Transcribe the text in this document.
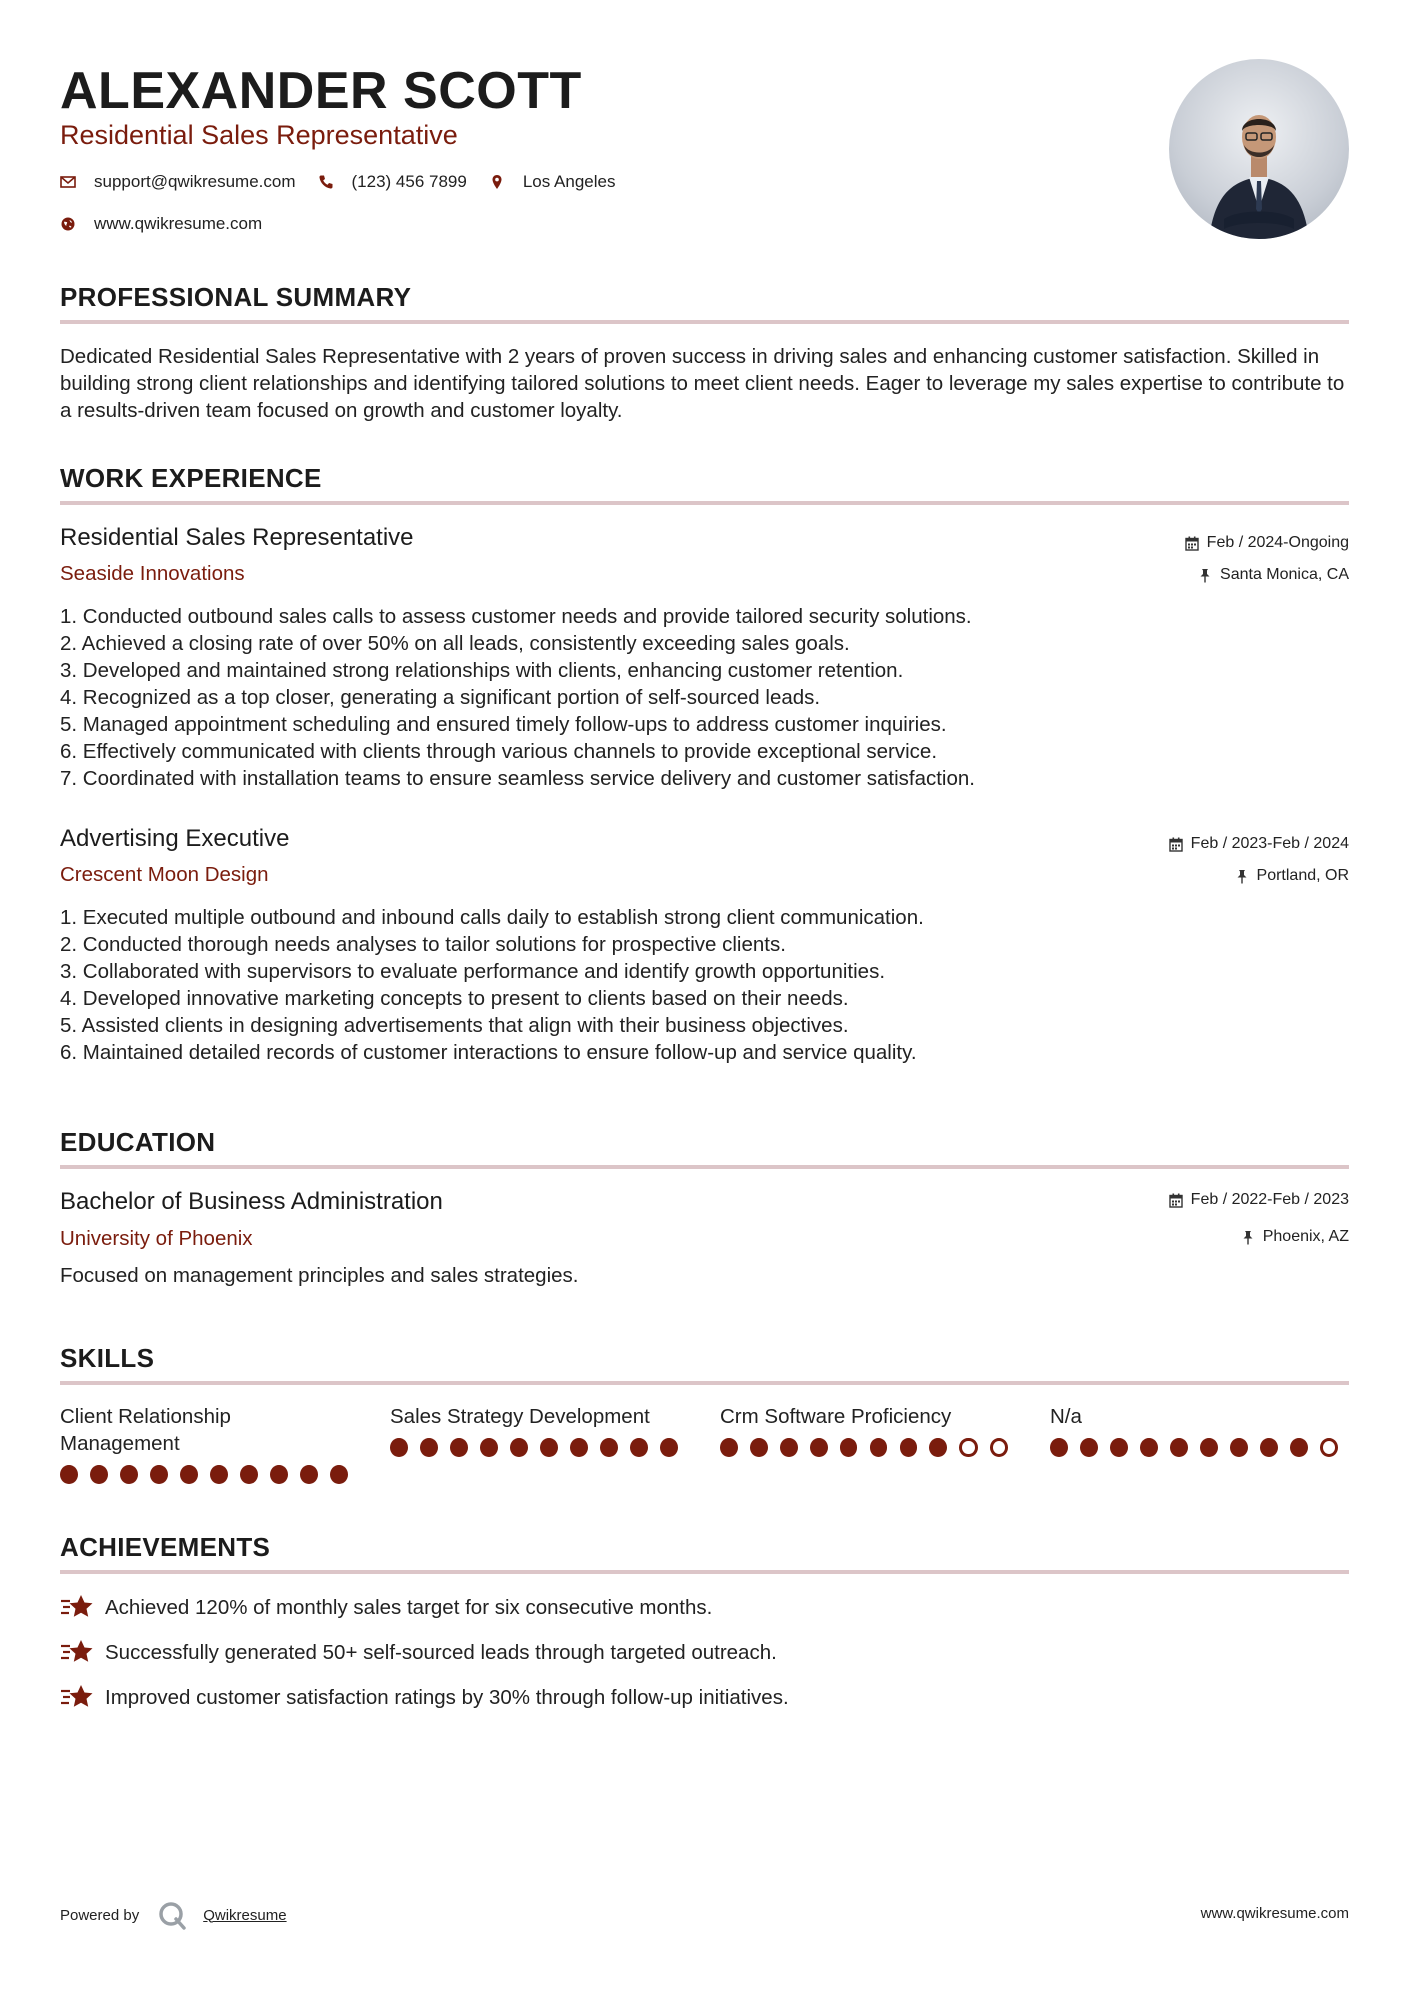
ALEXANDER SCOTT
Residential Sales Representative
support@qwikresume.com	(123) 456 7899	Los Angeles
www.qwikresume.com
PROFESSIONAL SUMMARY
Dedicated Residential Sales Representative with 2 years of proven success in driving sales and enhancing customer satisfaction. Skilled in building strong client relationships and identifying tailored solutions to meet client needs. Eager to leverage my sales expertise to contribute to a results-driven team focused on growth and customer loyalty.
WORK EXPERIENCE
Residential Sales Representative	Feb / 2024-Ongoing
Seaside Innovations	Santa Monica, CA
1. Conducted outbound sales calls to assess customer needs and provide tailored security solutions.
2. Achieved a closing rate of over 50% on all leads, consistently exceeding sales goals.
3. Developed and maintained strong relationships with clients, enhancing customer retention.
4. Recognized as a top closer, generating a significant portion of self-sourced leads.
5. Managed appointment scheduling and ensured timely follow-ups to address customer inquiries.
6. Effectively communicated with clients through various channels to provide exceptional service.
7. Coordinated with installation teams to ensure seamless service delivery and customer satisfaction.
Advertising Executive	Feb / 2023-Feb / 2024
Crescent Moon Design	Portland, OR
1. Executed multiple outbound and inbound calls daily to establish strong client communication.
2. Conducted thorough needs analyses to tailor solutions for prospective clients.
3. Collaborated with supervisors to evaluate performance and identify growth opportunities.
4. Developed innovative marketing concepts to present to clients based on their needs.
5. Assisted clients in designing advertisements that align with their business objectives.
6. Maintained detailed records of customer interactions to ensure follow-up and service quality.
EDUCATION
Bachelor of Business Administration	Feb / 2022-Feb / 2023
University of Phoenix	Phoenix, AZ
Focused on management principles and sales strategies.
SKILLS
Client Relationship
Management
Sales Strategy Development	Crm Software Proficiency	N/a
ACHIEVEMENTS
Achieved 120% of monthly sales target for six consecutive months.
Successfully generated 50+ self-sourced leads through targeted outreach.
Improved customer satisfaction ratings by 30% through follow-up initiatives.
Powered by	Qwikresume	www.qwikresume.com
